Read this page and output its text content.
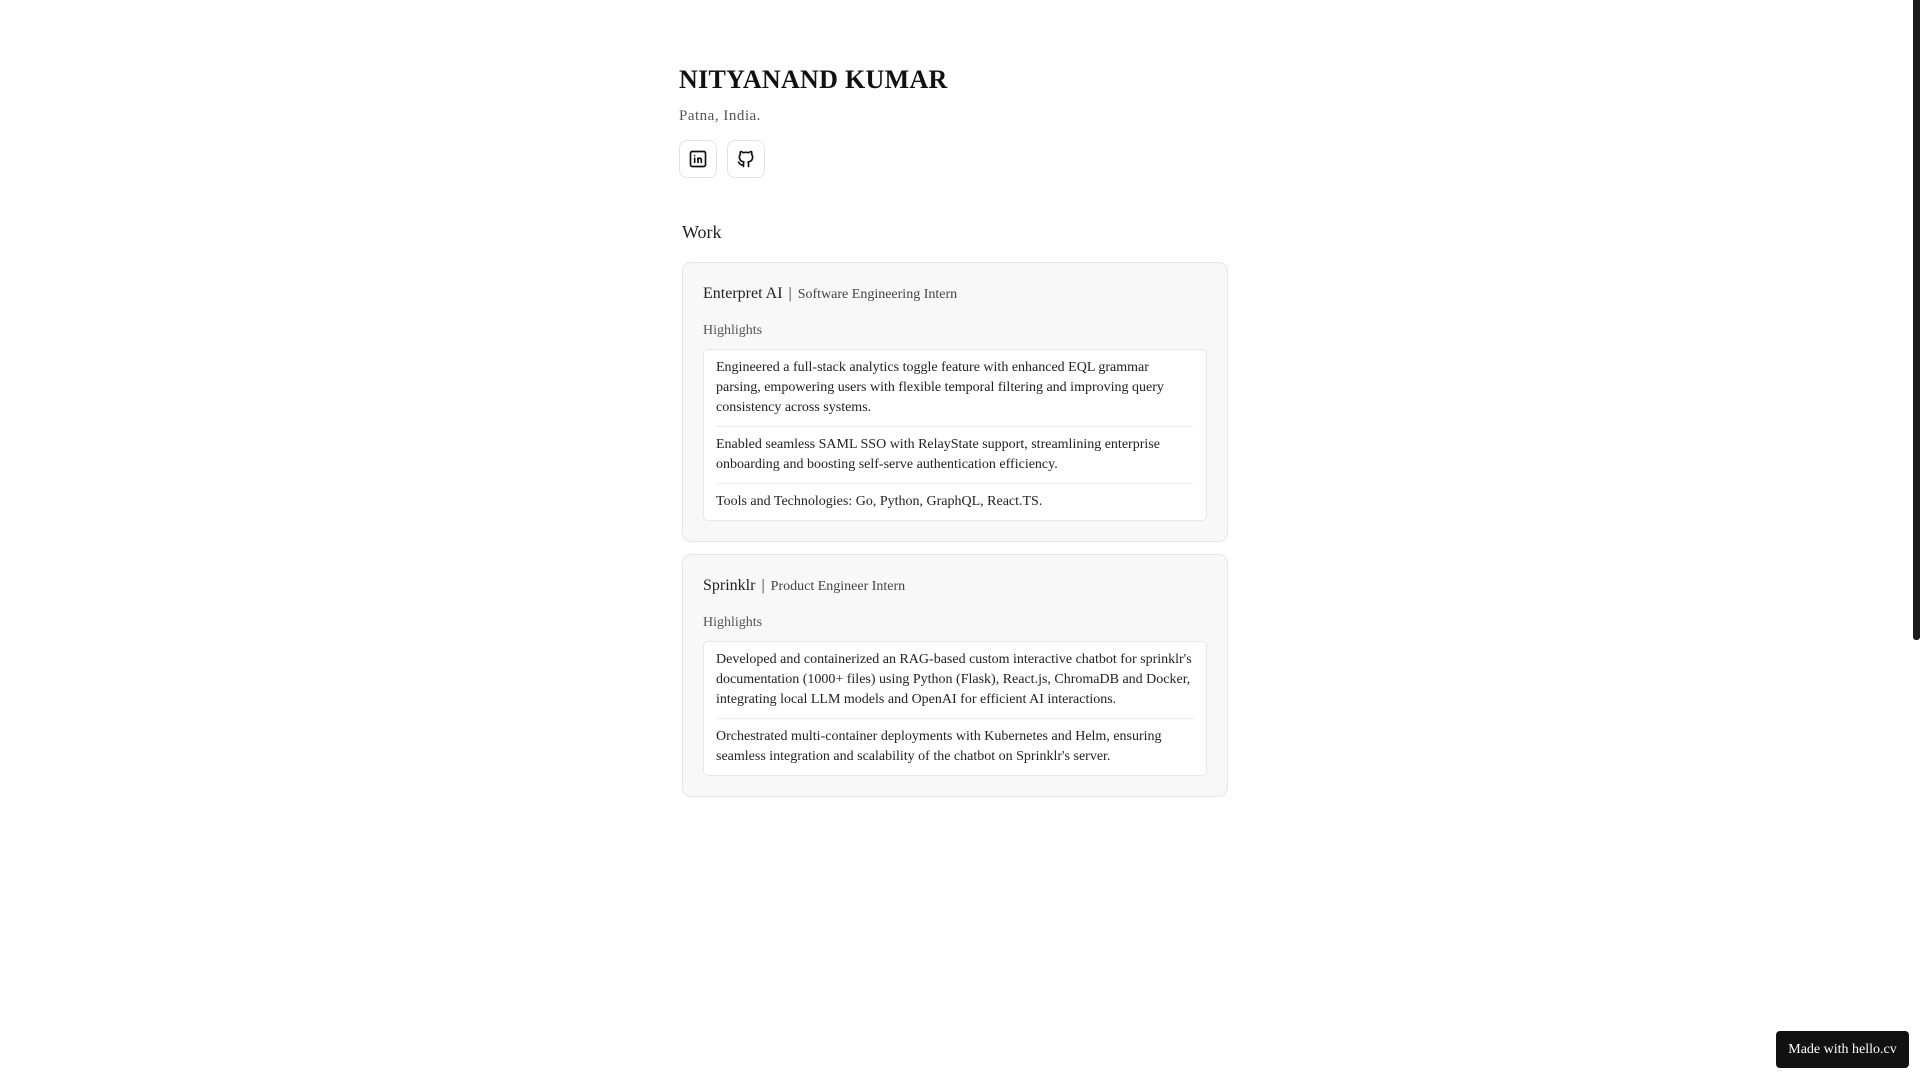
NITYANAND KUMAR
Patna, India.
Work
Enterpret AI | Software Engineering Intern
Highlights
Engineered a full-stack analytics toggle feature with enhanced EQL grammar parsing, empowering users with flexible temporal filtering and improving query consistency across systems.
Enabled seamless SAML SSO with RelayState support, streamlining enterprise onboarding and boosting self-serve authentication efficiency.
Tools and Technologies: Go, Python, GraphQL, React.TS.
Sprinklr | Product Engineer Intern
Highlights
Developed and containerized an RAG-based custom interactive chatbot for sprinklr's documentation (1000+ files) using Python (Flask), React.js, ChromaDB and Docker, integrating local LLM models and OpenAI for efficient AI interactions.
Orchestrated multi-container deployments with Kubernetes and Helm, ensuring seamless integration and scalability of the chatbot on Sprinklr's server.
Made with hello.cv
